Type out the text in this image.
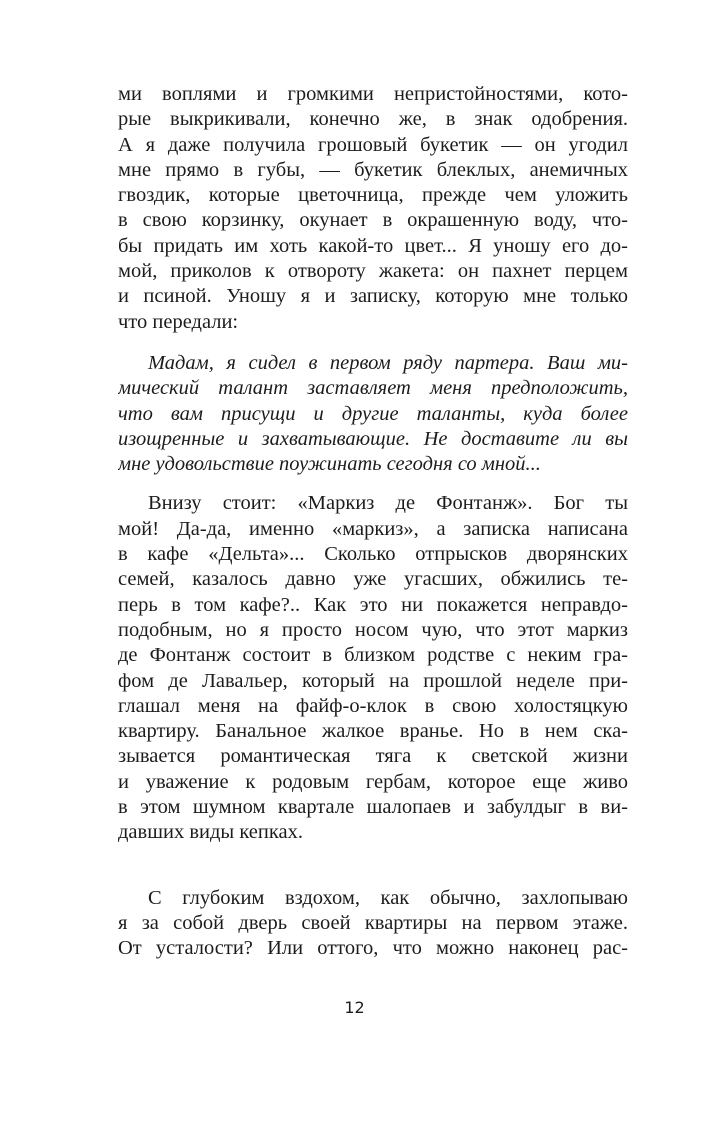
ми воплями и громкими непристойностями, кото-
рые выкрикивали, конечно же, в знак одобрения.
А я даже получила грошовый букетик — он угодил
мне прямо в губы, — букетик блеклых, анемичных
гвоздик, которые цветочница, прежде чем уложить
в свою корзинку, окунает в окрашенную воду, что-
бы придать им хоть какой-то цвет... Я уношу его до-
мой, приколов к отвороту жакета: он пахнет перцем
и псиной. Уношу я и записку, которую мне только
что передали:
Мадам, я сидел в первом ряду партера. Ваш ми-
мический талант заставляет меня предположить,
что вам присущи и другие таланты, куда более
изощренные и захватывающие. Не доставите ли вы
мне удовольствие поужинать сегодня со мной...
Внизу стоит: «Маркиз де Фонтанж». Бог ты
мой! Да-да, именно «маркиз», а записка написана
в кафе «Дельта»... Сколько отпрысков дворянских
семей, казалось давно уже угасших, обжились те-
перь в том кафе?.. Как это ни покажется неправдо-
подобным, но я просто носом чую, что этот маркиз
де Фонтанж состоит в близком родстве с неким гра-
фом де Лавальер, который на прошлой неделе при-
глашал меня на файф-о-клок в свою холостяцкую
квартиру. Банальное жалкое вранье. Но в нем ска-
зывается романтическая тяга к светской жизни
и уважение к родовым гербам, которое еще живо
в этом шумном квартале шалопаев и забулдыг в ви-
давших виды кепках.
С глубоким вздохом, как обычно, захлопываю
я за собой дверь своей квартиры на первом этаже.
От усталости? Или оттого, что можно наконец рас-
12
